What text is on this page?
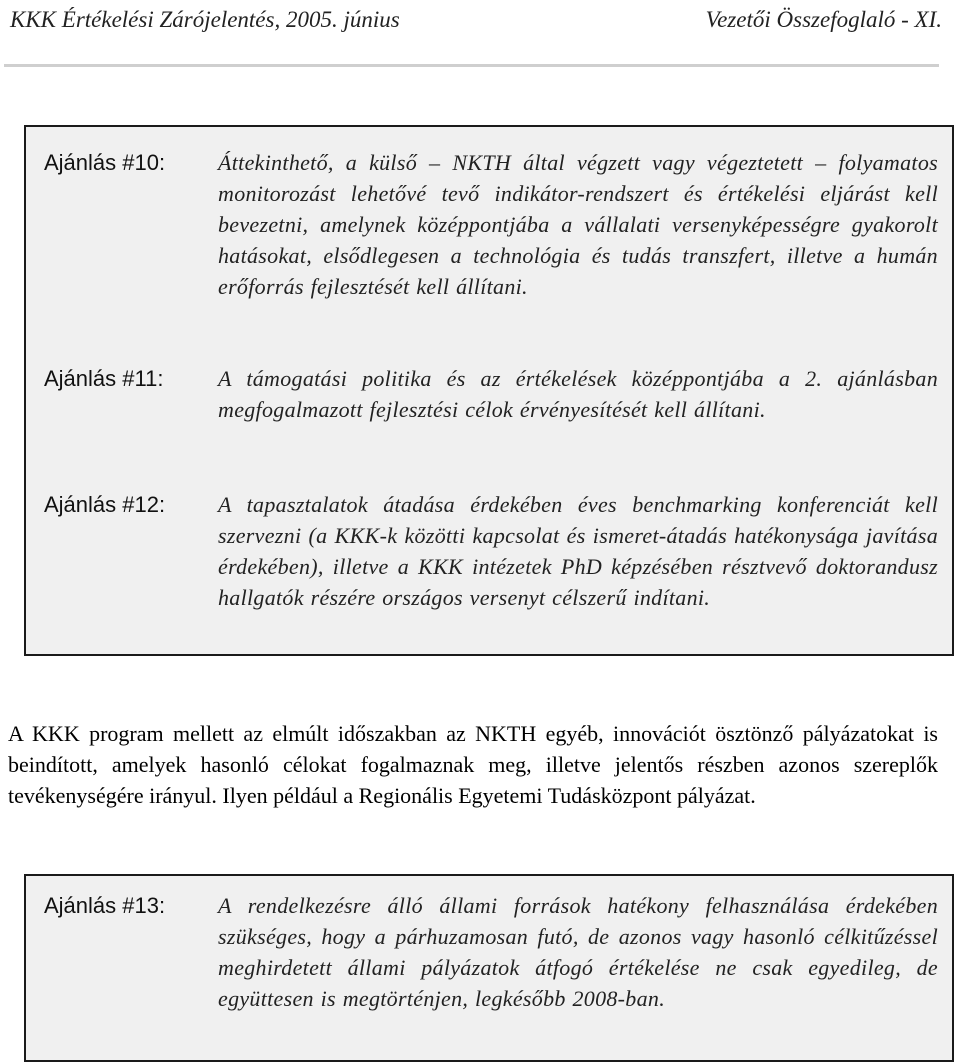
KKK Értékelési Zárójelentés, 2005. június	Vezetői Összefoglaló - XI.
Ajánlás #10: Áttekinthető, a külső – NKTH által végzett vagy végeztetett – folyamatos monitorozást lehetővé tevő indikátor-rendszert és értékelési eljárást kell bevezetni, amelynek középpontjába a vállalati versenyképességre gyakorolt hatásokat, elsődlegesen a technológia és tudás transzfert, illetve a humán erőforrás fejlesztését kell állítani.
Ajánlás #11: A támogatási politika és az értékelések középpontjába a 2. ajánlásban megfogalmazott fejlesztési célok érvényesítését kell állítani.
Ajánlás #12: A tapasztalatok átadása érdekében éves benchmarking konferenciát kell szervezni (a KKK-k közötti kapcsolat és ismeret-átadás hatékonysága javítása érdekében), illetve a KKK intézetek PhD képzésében résztvevő doktorandusz hallgatók részére országos versenyt célszerű indítani.
A KKK program mellett az elmúlt időszakban az NKTH egyéb, innovációt ösztönző pályázatokat is beindított, amelyek hasonló célokat fogalmaznak meg, illetve jelentős részben azonos szereplők tevékenységére irányul. Ilyen például a Regionális Egyetemi Tudásközpont pályázat.
Ajánlás #13: A rendelkezésre álló állami források hatékony felhasználása érdekében szükséges, hogy a párhuzamosan futó, de azonos vagy hasonló célkitűzéssel meghirdetett állami pályázatok átfogó értékelése ne csak egyedileg, de együttesen is megtörténjen, legkésőbb 2008-ban.
